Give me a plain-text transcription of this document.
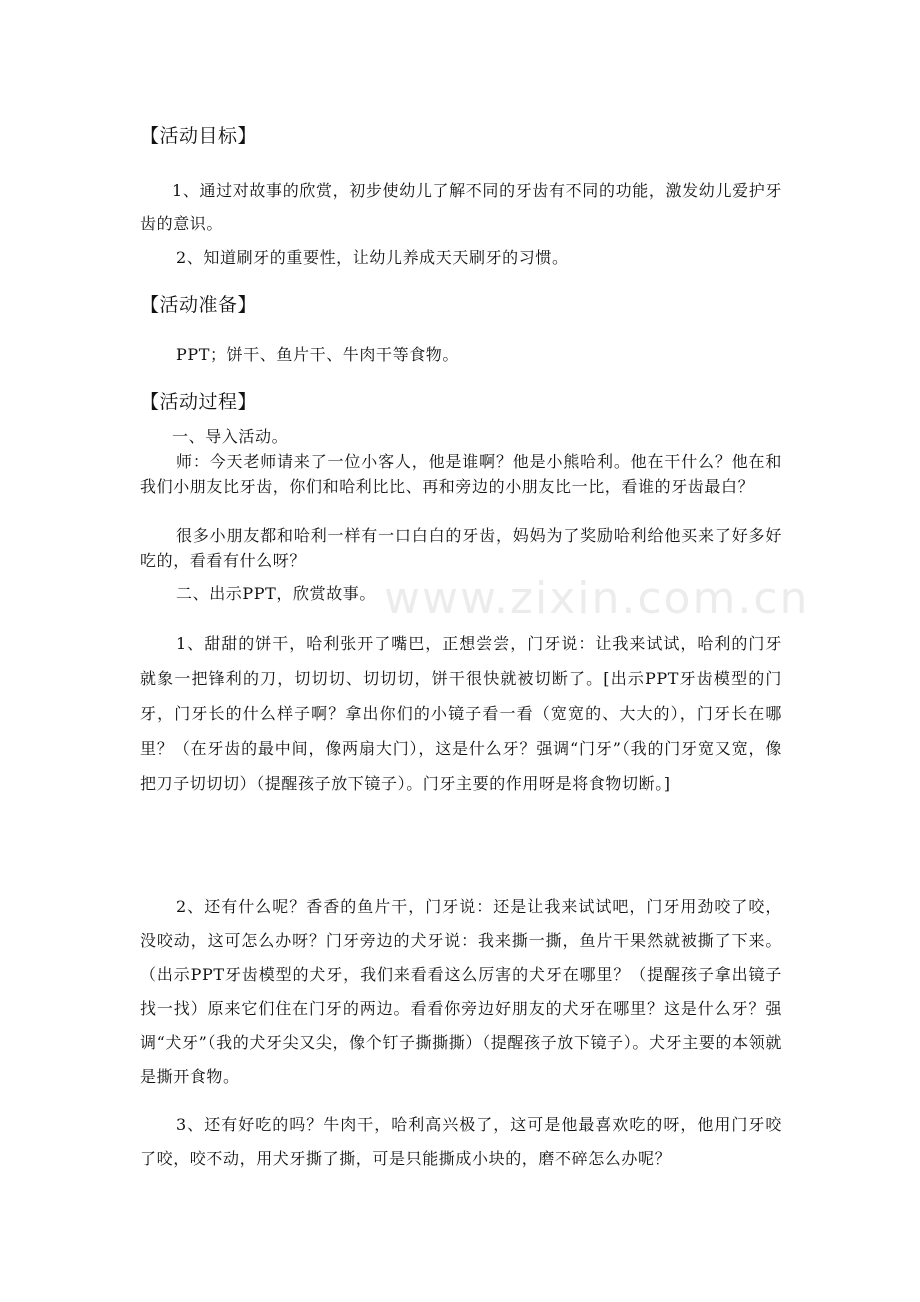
【活动目标】

1、通过对故事的欣赏，初步使幼儿了解不同的牙齿有不同的功能，激发幼儿爱护牙齿的意识。

2、知道刷牙的重要性，让幼儿养成天天刷牙的习惯。

【活动准备】

PPT；饼干、鱼片干、牛肉干等食物。

【活动过程】

一、导入活动。

师：今天老师请来了一位小客人，他是谁啊？他是小熊哈利。他在干什么？他在和我们小朋友比牙齿，你们和哈利比比、再和旁边的小朋友比一比，看谁的牙齿最白？

很多小朋友都和哈利一样有一口白白的牙齿，妈妈为了奖励哈利给他买来了好多好吃的，看看有什么呀？

二、出示PPT，欣赏故事。

1、甜甜的饼干，哈利张开了嘴巴，正想尝尝，门牙说：让我来试试，哈利的门牙就象一把锋利的刀，切切切、切切切，饼干很快就被切断了。[出示PPT牙齿模型的门牙，门牙长的什么样子啊？拿出你们的小镜子看一看（宽宽的、大大的），门牙长在哪里？（在牙齿的最中间，像两扇大门），这是什么牙？强调“门牙”（我的门牙宽又宽，像把刀子切切切）（提醒孩子放下镜子）。门牙主要的作用呀是将食物切断。]

2、还有什么呢？香香的鱼片干，门牙说：还是让我来试试吧，门牙用劲咬了咬，没咬动，这可怎么办呀？门牙旁边的犬牙说：我来撕一撕，鱼片干果然就被撕了下来。（出示PPT牙齿模型的犬牙，我们来看看这么厉害的犬牙在哪里？（提醒孩子拿出镜子找一找）原来它们住在门牙的两边。看看你旁边好朋友的犬牙在哪里？这是什么牙？强调“犬牙”（我的犬牙尖又尖，像个钉子撕撕撕）（提醒孩子放下镜子）。犬牙主要的本领就是撕开食物。

3、还有好吃的吗？牛肉干，哈利高兴极了，这可是他最喜欢吃的呀，他用门牙咬了咬，咬不动，用犬牙撕了撕，可是只能撕成小块的，磨不碎怎么办呢？

www.zixin.com.cn
